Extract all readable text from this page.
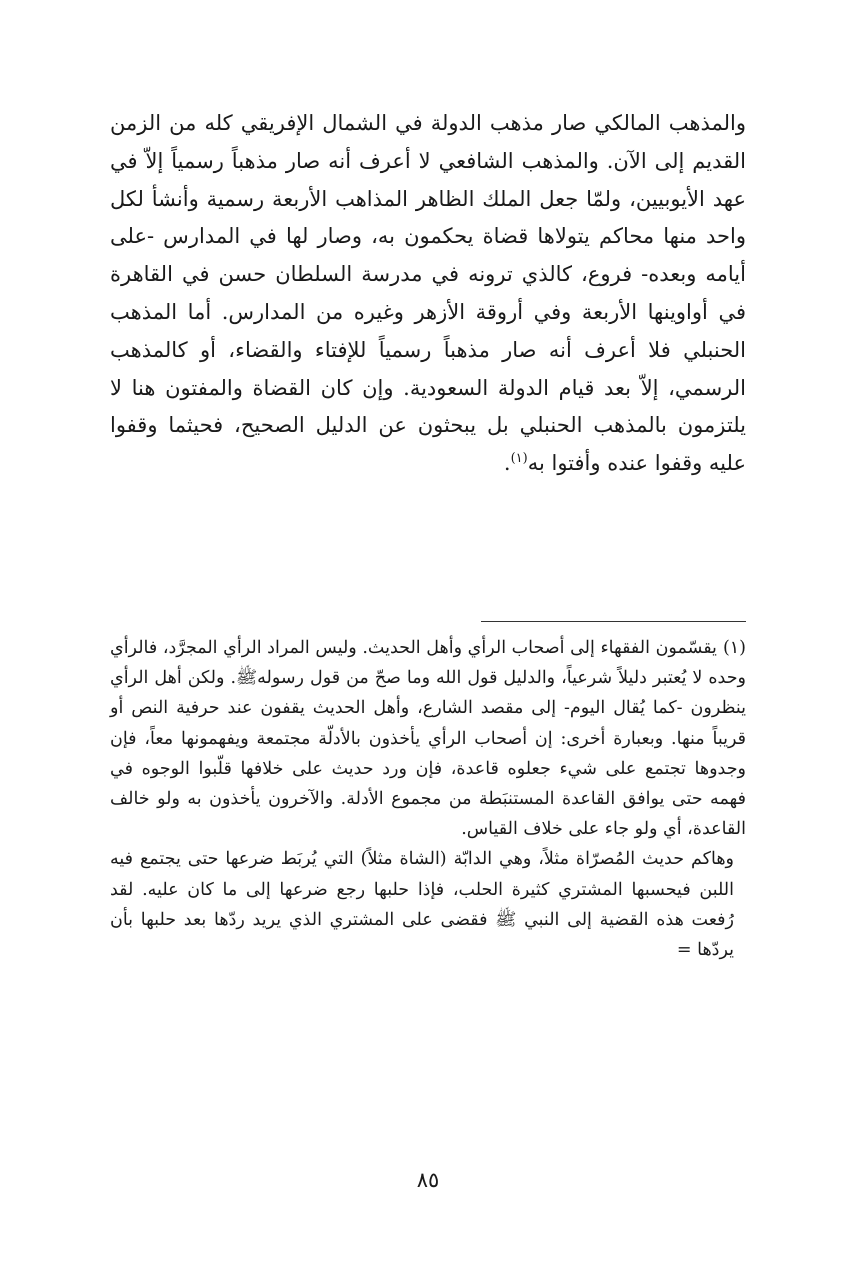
والمذهب المالكي صار مذهب الدولة في الشمال الإفريقي كله من الزمن القديم إلى الآن. والمذهب الشافعي لا أعرف أنه صار مذهباً رسمياً إلاّ في عهد الأيوبيين، ولمّا جعل الملك الظاهر المذاهب الأربعة رسمية وأنشأ لكل واحد منها محاكم يتولاها قضاة يحكمون به، وصار لها في المدارس -على أيامه وبعده- فروع، كالذي ترونه في مدرسة السلطان حسن في القاهرة في أواوينها الأربعة وفي أروقة الأزهر وغيره من المدارس. أما المذهب الحنبلي فلا أعرف أنه صار مذهباً رسمياً للإفتاء والقضاء، أو كالمذهب الرسمي، إلاّ بعد قيام الدولة السعودية. وإن كان القضاة والمفتون هنا لا يلتزمون بالمذهب الحنبلي بل يبحثون عن الدليل الصحيح، فحيثما وقفوا عليه وقفوا عنده وأفتوا به$^{(١)}$.

(١)يقسّمون الفقهاء إلى أصحاب الرأي وأهل الحديث. وليس المراد الرأي المجرَّد، فالرأي وحده لا يُعتبر دليلاً شرعياً، والدليل قول الله وما صحّ من قول رسولهﷺ. ولكن أهل الرأي ينظرون -كما يُقال اليوم- إلى مقصد الشارع، وأهل الحديث يقفون عند حرفية النص أو قريباً منها. وبعبارة أخرى: إن أصحاب الرأي يأخذون بالأدلّة مجتمعة ويفهمونها معاً، فإن وجدوها تجتمع على شيء جعلوه قاعدة، فإن ورد حديث على خلافها قلّبوا الوجوه في فهمه حتى يوافق القاعدة المستنبَطة من مجموع الأدلة. والآخرون يأخذون به ولو خالف القاعدة، أي ولو جاء على خلاف القياس.

وهاكم حديث المُصرّاة مثلاً، وهي الدابّة (الشاة مثلاً) التي يُربَط ضرعها حتى يجتمع فيه اللبن فيحسبها المشتري كثيرة الحلب، فإذا حلبها رجع ضرعها إلى ما كان عليه. لقد رُفعت هذه القضية إلى النبي ﷺ فقضى على المشتري الذي يريد ردّها بعد حلبها بأن يردّها =

٨٥
